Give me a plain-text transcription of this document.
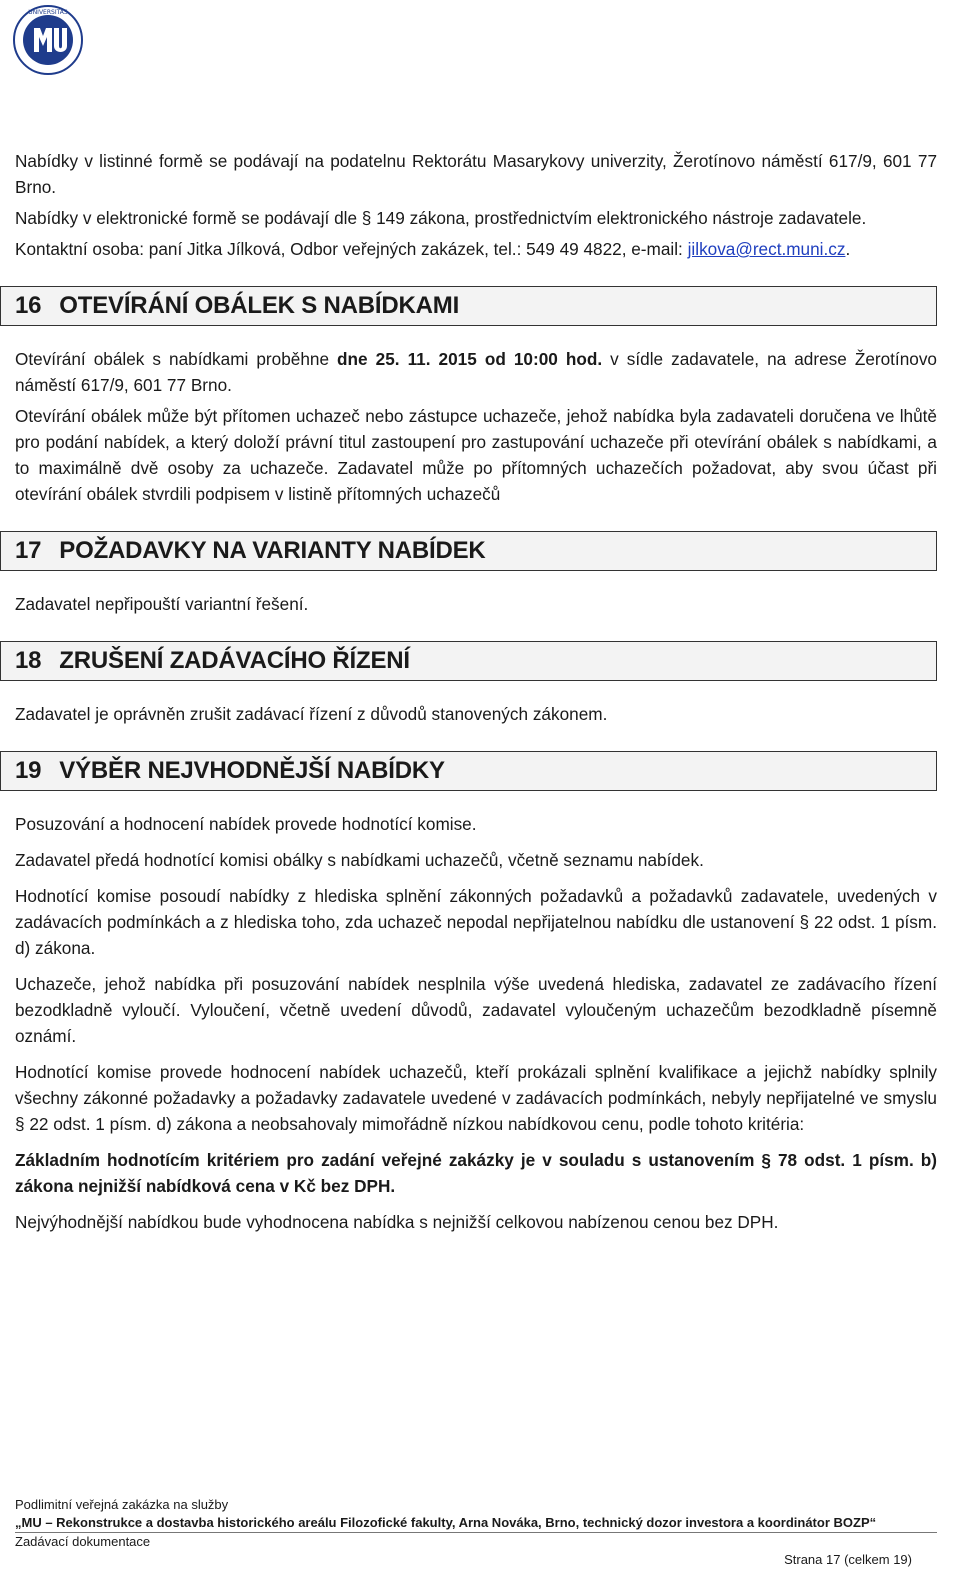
UNIVERSITAS

Nabídky v listinné formě se podávají na podatelnu Rektorátu Masarykovy univerzity, Žerotínovo náměstí 617/9, 601 77 Brno.

Nabídky v elektronické formě se podávají dle § 149 zákona, prostřednictvím elektronického nástroje zadavatele.

Kontaktní osoba: paní Jitka Jílková, Odbor veřejných zakázek, tel.: 549 49 4822, e-mail: jilkova@rect.muni.cz.

16 OTEVÍRÁNÍ OBÁLEK S NABÍDKAMI

Otevírání obálek s nabídkami proběhne dne 25. 11. 2015 od 10:00 hod. v sídle zadavatele, na adrese Žerotínovo náměstí 617/9, 601 77 Brno.

Otevírání obálek může být přítomen uchazeč nebo zástupce uchazeče, jehož nabídka byla zadavateli doručena ve lhůtě pro podání nabídek, a který doloží právní titul zastoupení pro zastupování uchazeče při otevírání obálek s nabídkami, a to maximálně dvě osoby za uchazeče. Zadavatel může po přítomných uchazečích požadovat, aby svou účast při otevírání obálek stvrdili podpisem v listině přítomných uchazečů

17 POŽADAVKY NA VARIANTY NABÍDEK

Zadavatel nepřipouští variantní řešení.

18 ZRUŠENÍ ZADÁVACÍHO ŘÍZENÍ

Zadavatel je oprávněn zrušit zadávací řízení z důvodů stanovených zákonem.

19 VÝBĚR NEJVHODNĚJŠÍ NABÍDKY

Posuzování a hodnocení nabídek provede hodnotící komise.

Zadavatel předá hodnotící komisi obálky s nabídkami uchazečů, včetně seznamu nabídek.

Hodnotící komise posoudí nabídky z hlediska splnění zákonných požadavků a požadavků zadavatele, uvedených v zadávacích podmínkách a z hlediska toho, zda uchazeč nepodal nepřijatelnou nabídku dle ustanovení § 22 odst. 1 písm. d) zákona.

Uchazeče, jehož nabídka při posuzování nabídek nesplnila výše uvedená hlediska, zadavatel ze zadávacího řízení bezodkladně vyloučí. Vyloučení, včetně uvedení důvodů, zadavatel vyloučeným uchazečům bezodkladně písemně oznámí.

Hodnotící komise provede hodnocení nabídek uchazečů, kteří prokázali splnění kvalifikace a jejichž nabídky splnily všechny zákonné požadavky a požadavky zadavatele uvedené v zadávacích podmínkách, nebyly nepřijatelné ve smyslu § 22 odst. 1 písm. d) zákona a neobsahovaly mimořádně nízkou nabídkovou cenu, podle tohoto kritéria:

Základním hodnotícím kritériem pro zadání veřejné zakázky je v souladu s ustanovením § 78 odst. 1 písm. b) zákona nejnižší nabídková cena v Kč bez DPH.

Nejvýhodnější nabídkou bude vyhodnocena nabídka s nejnižší celkovou nabízenou cenou bez DPH.

Podlimitní veřejná zakázka na služby
„MU – Rekonstrukce a dostavba historického areálu Filozofické fakulty, Arna Nováka, Brno, technický dozor investora a koordinátor BOZP“
Zadávací dokumentace
Strana 17 (celkem 19)
